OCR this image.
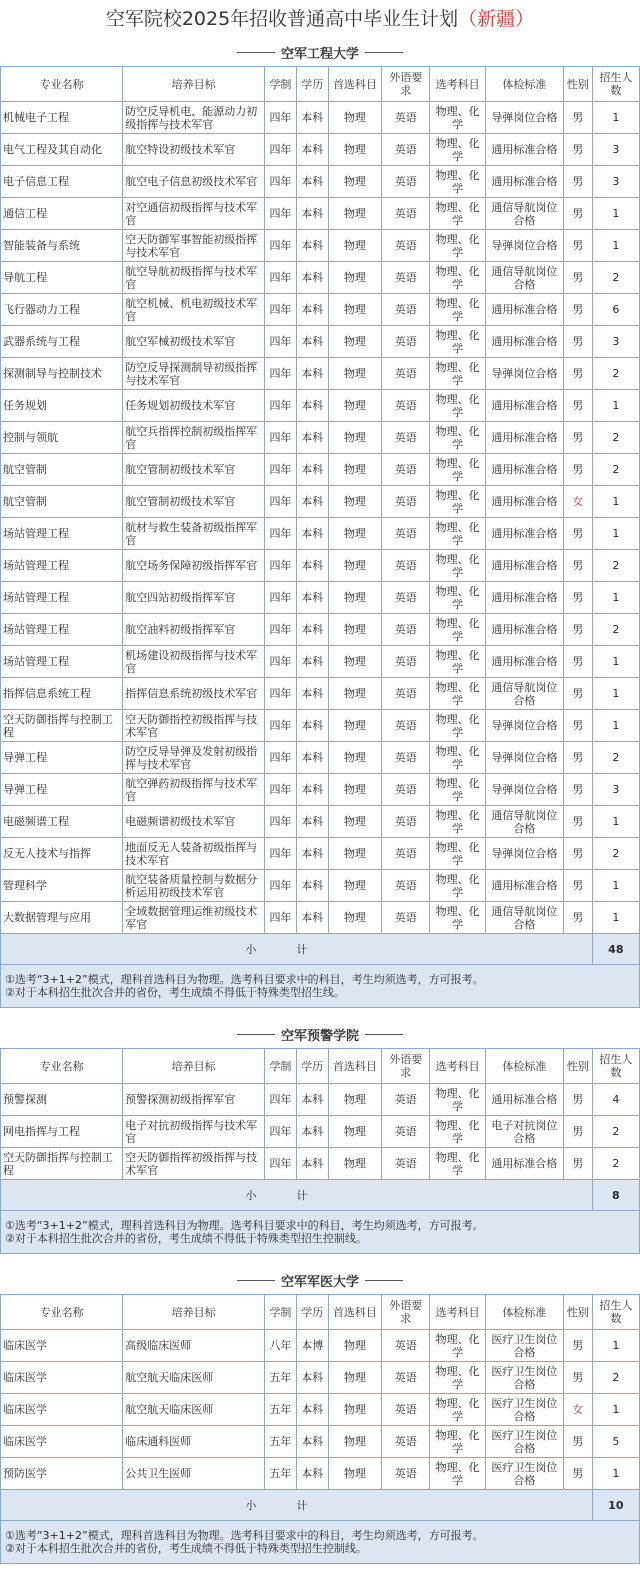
空军院校2025年招收普通高中毕业生计划（新疆）
空军工程大学
专业名称	培养目标	学制	学历	首选科目	外语要求	选考科目	体检标准	性别	招生人数
机械电子工程	防空反导机电、能源动力初级指挥与技术军官	四年	本科	物理	英语	物理、化学	导弹岗位合格	男	1
电气工程及其自动化	航空特设初级技术军官	四年	本科	物理	英语	物理、化学	通用标准合格	男	3
电子信息工程	航空电子信息初级技术军官	四年	本科	物理	英语	物理、化学	通用标准合格	男	3
通信工程	对空通信初级指挥与技术军官	四年	本科	物理	英语	物理、化学	通信导航岗位合格	男	1
智能装备与系统	空天防御军事智能初级指挥与技术军官	四年	本科	物理	英语	物理、化学	导弹岗位合格	男	1
导航工程	航空导航初级指挥与技术军官	四年	本科	物理	英语	物理、化学	通信导航岗位合格	男	2
飞行器动力工程	航空机械、机电初级技术军官	四年	本科	物理	英语	物理、化学	通用标准合格	男	6
武器系统与工程	航空军械初级技术军官	四年	本科	物理	英语	物理、化学	通用标准合格	男	3
探测制导与控制技术	防空反导探测制导初级指挥与技术军官	四年	本科	物理	英语	物理、化学	导弹岗位合格	男	2
任务规划	任务规划初级技术军官	四年	本科	物理	英语	物理、化学	通用标准合格	男	1
控制与领航	航空兵指挥控制初级指挥军官	四年	本科	物理	英语	物理、化学	通用标准合格	男	2
航空管制	航空管制初级技术军官	四年	本科	物理	英语	物理、化学	通用标准合格	男	2
航空管制	航空管制初级技术军官	四年	本科	物理	英语	物理、化学	通用标准合格	女	1
场站管理工程	航材与救生装备初级指挥军官	四年	本科	物理	英语	物理、化学	通用标准合格	男	1
场站管理工程	航空场务保障初级指挥军官	四年	本科	物理	英语	物理、化学	通用标准合格	男	2
场站管理工程	航空四站初级指挥军官	四年	本科	物理	英语	物理、化学	通用标准合格	男	1
场站管理工程	航空油料初级指挥军官	四年	本科	物理	英语	物理、化学	通用标准合格	男	2
场站管理工程	机场建设初级指挥与技术军官	四年	本科	物理	英语	物理、化学	通用标准合格	男	1
指挥信息系统工程	指挥信息系统初级技术军官	四年	本科	物理	英语	物理、化学	通信导航岗位合格	男	1
空天防御指挥与控制工程	空天防御指控初级指挥与技术军官	四年	本科	物理	英语	物理、化学	导弹岗位合格	男	1
导弹工程	防空反导导弹及发射初级指挥与技术军官	四年	本科	物理	英语	物理、化学	导弹岗位合格	男	2
导弹工程	航空弹药初级指挥与技术军官	四年	本科	物理	英语	物理、化学	导弹岗位合格	男	3
电磁频谱工程	电磁频谱初级技术军官	四年	本科	物理	英语	物理、化学	通信导航岗位合格	男	1
反无人技术与指挥	地面反无人装备初级指挥与技术军官	四年	本科	物理	英语	物理、化学	导弹岗位合格	男	2
管理科学	航空装备质量控制与数据分析运用初级技术军官	四年	本科	物理	英语	物理、化学	通用标准合格	男	1
大数据管理与应用	全域数据管理运维初级技术军官	四年	本科	物理	英语	物理、化学	通信导航岗位合格	男	1
小计									48

①选考“3+1+2”模式，理科首选科目为物理。选考科目要求中的科目，考生均须选考，方可报考。
②对于本科招生批次合并的省份，考生成绩不得低于特殊类型招生线。									
空军预警学院
专业名称	培养目标	学制	学历	首选科目	外语要求	选考科目	体检标准	性别	招生人数
预警探测	预警探测初级指挥军官	四年	本科	物理	英语	物理、化学	通用标准合格	男	4
网电指挥与工程	电子对抗初级指挥与技术军官	四年	本科	物理	英语	物理、化学	电子对抗岗位合格	男	2
空天防御指挥与控制工程	空天防御指挥初级指挥与技术军官	四年	本科	物理	英语	物理、化学	通用标准合格	男	2
小计									8

①选考“3+1+2”模式，理科首选科目为物理。选考科目要求中的科目，考生均须选考，方可报考。
②对于本科招生批次合并的省份，考生成绩不得低于特殊类型招生控制线。									
空军军医大学
专业名称	培养目标	学制	学历	首选科目	外语要求	选考科目	体检标准	性别	招生人数
临床医学	高级临床医师	八年	本博	物理	英语	物理、化学	医疗卫生岗位合格	男	1
临床医学	航空航天临床医师	五年	本科	物理	英语	物理、化学	医疗卫生岗位合格	男	2
临床医学	航空航天临床医师	五年	本科	物理	英语	物理、化学	医疗卫生岗位合格	女	1
临床医学	临床通科医师	五年	本科	物理	英语	物理、化学	医疗卫生岗位合格	男	5
预防医学	公共卫生医师	五年	本科	物理	英语	物理、化学	医疗卫生岗位合格	男	1
小计									10

①选考“3+1+2”模式，理科首选科目为物理。选考科目要求中的科目，考生均须选考，方可报考。
②对于本科招生批次合并的省份，考生成绩不得低于特殊类型招生控制线。									
